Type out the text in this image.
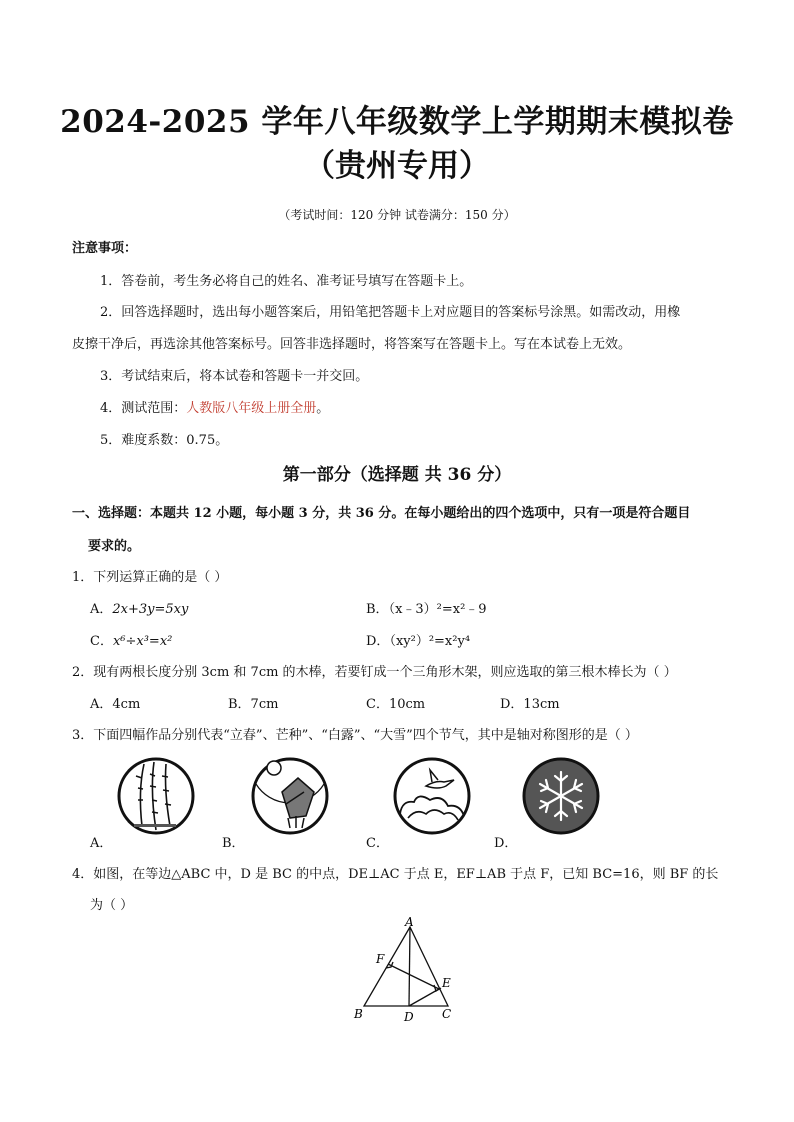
2024-2025 学年八年级数学上学期期末模拟卷
（贵州专用）
（考试时间：120 分钟 试卷满分：150 分）
注意事项：
1．答卷前，考生务必将自己的姓名、准考证号填写在答题卡上。
2．回答选择题时，选出每小题答案后，用铅笔把答题卡上对应题目的答案标号涂黑。如需改动，用橡
皮擦干净后，再选涂其他答案标号。回答非选择题时，将答案写在答题卡上。写在本试卷上无效。
3．考试结束后，将本试卷和答题卡一并交回。
4．测试范围：人教版八年级上册全册。
5．难度系数：0.75。
第一部分（选择题 共 36 分）
一、选择题：本题共 12 小题，每小题 3 分，共 36 分。在每小题给出的四个选项中，只有一项是符合题目
要求的。
1．下列运算正确的是（ ）
A．2x+3y=5xy	B．（x﹣3）²=x²﹣9
C．x⁶÷x³=x²	D．（xy²）²=x²y⁴
2．现有两根长度分别 3cm 和 7cm 的木棒，若要钉成一个三角形木架，则应选取的第三根木棒长为（ ）
A．4cm	B．7cm	C．10cm	D．13cm
3．下面四幅作品分别代表“立春”、芒种”、“白露”、“大雪”四个节气，其中是轴对称图形的是（ ）
A．	B．	C．	D．
4．如图，在等边△ABC 中，D 是 BC 的中点，DE⊥AC 于点 E，EF⊥AB 于点 F，已知 BC=16，则 BF 的长
为（ ）
A
B	D C
E
F
